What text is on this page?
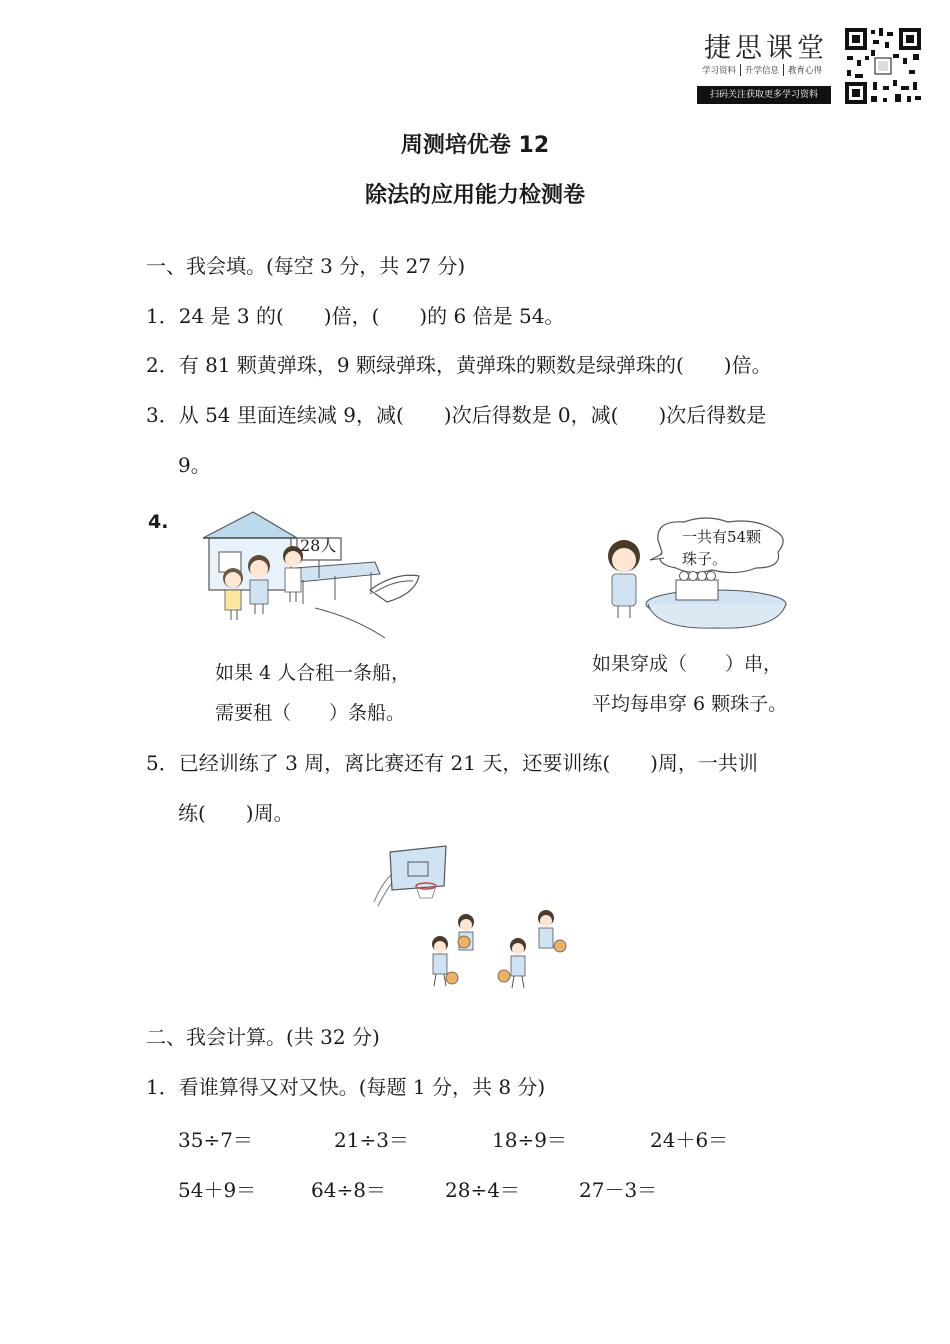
捷思课堂
学习资料	升学信息	教育心得
扫码关注获取更多学习资料
周测培优卷 12
除法的应用能力检测卷
一、我会填。(每空 3 分，共 27 分)
1．24 是 3 的(　　)倍，(　　)的 6 倍是 54。
2．有 81 颗黄弹珠，9 颗绿弹珠，黄弹珠的颗数是绿弹珠的(　　)倍。
3．从 54 里面连续减 9，减(　　)次后得数是 0，减(　　)次后得数是
9。
4.
28人	一共有54颗
珠子。
如果 4 人合租一条船，
需要租（　　）条船。
如果穿成（　　）串，
平均每串穿 6 颗珠子。
5．已经训练了 3 周，离比赛还有 21 天，还要训练(　　)周，一共训
练(　　)周。
二、我会计算。(共 32 分)
1．看谁算得又对又快。(每题 1 分，共 8 分)
35÷7＝	21÷3＝	18÷9＝	24＋6＝
54＋9＝	64÷8＝	28÷4＝	27－3＝
